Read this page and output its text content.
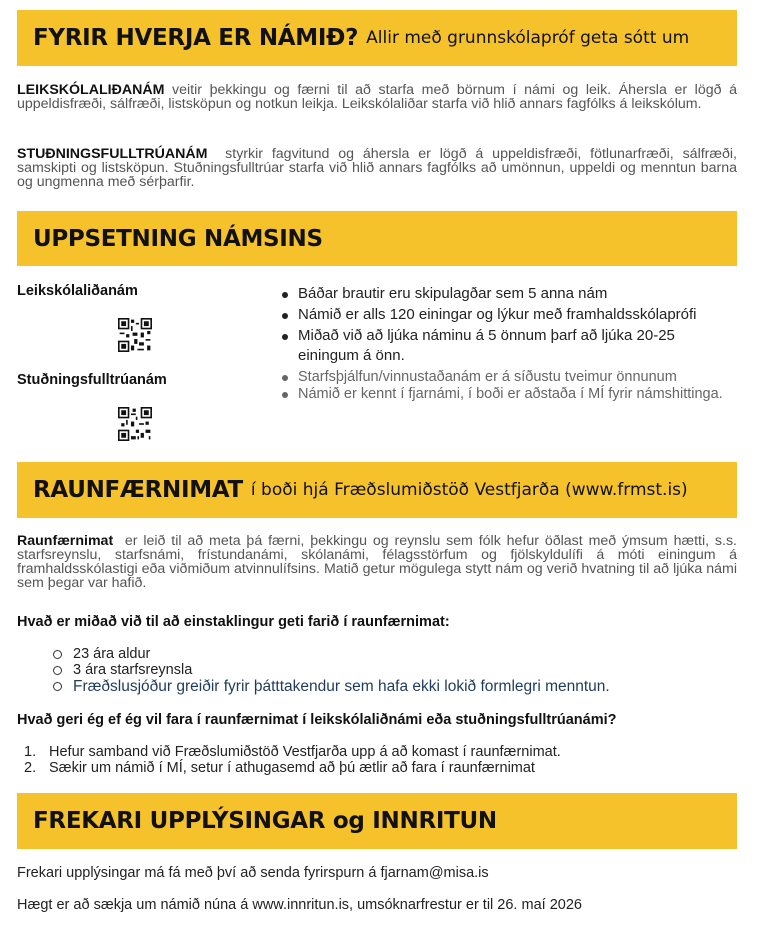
FYRIR HVERJA ER NÁMIÐ? Allir með grunnskólapróf geta sótt um
LEIKSKÓLALIÐANÁM veitir þekkingu og færni til að starfa með börnum í námi og leik. Áhersla er lögð á uppeldisfræði, sálfræði, listsköpun og notkun leikja. Leikskólaliðar starfa við hlið annars fagfólks á leikskólum.
STUÐNINGSFULLTRÚANÁM styrkir fagvitund og áhersla er lögð á uppeldisfræði, fötlunarfræði, sálfræði, samskipti og listsköpun. Stuðningsfulltrúar starfa við hlið annars fagfólks að umönnun, uppeldi og menntun barna og ungmenna með sérþarfir.
UPPSETNING NÁMSINS
Leikskólaliðanám
Stuðningsfulltrúanám
Báðar brautir eru skipulagðar sem 5 anna nám
Námið er alls 120 einingar og lýkur með framhaldsskólaprófi
Miðað við að ljúka náminu á 5 önnum þarf að ljúka 20-25 einingum á önn.
Starfsþjálfun/vinnustaðanám er á síðustu tveimur önnunum
Námið er kennt í fjarnámi, í boði er aðstaða í MÍ fyrir námshittinga.
RAUNFÆRNIMAT í boði hjá Fræðslumiðstöð Vestfjarða (www.frmst.is)
Raunfærnimat er leið til að meta þá færni, þekkingu og reynslu sem fólk hefur öðlast með ýmsum hætti, s.s. starfsreynslu, starfsnámi, frístundanámi, skólanámi, félagsstörfum og fjölskyldulífi á móti einingum á framhaldsskólastigi eða viðmiðum atvinnulífsins. Matið getur mögulega stytt nám og verið hvatning til að ljúka námi sem þegar var hafið.
Hvað er miðað við til að einstaklingur geti farið í raunfærnimat:
23 ára aldur
3 ára starfsreynsla
Fræðslusjóður greiðir fyrir þátttakendur sem hafa ekki lokið formlegri menntun.
Hvað geri ég ef ég vil fara í raunfærnimat í leikskólaliðnámi eða stuðningsfulltrúanámi?
1. Hefur samband við Fræðslumiðstöð Vestfjarða upp á að komast í raunfærnimat.
2. Sækir um námið í MÍ, setur í athugasemd að þú ætlir að fara í raunfærnimat
FREKARI UPPLÝSINGAR og INNRITUN
Frekari upplýsingar má fá með því að senda fyrirspurn á fjarnam@misa.is
Hægt er að sækja um námið núna á www.innritun.is, umsóknarfrestur er til 26. maí 2026
